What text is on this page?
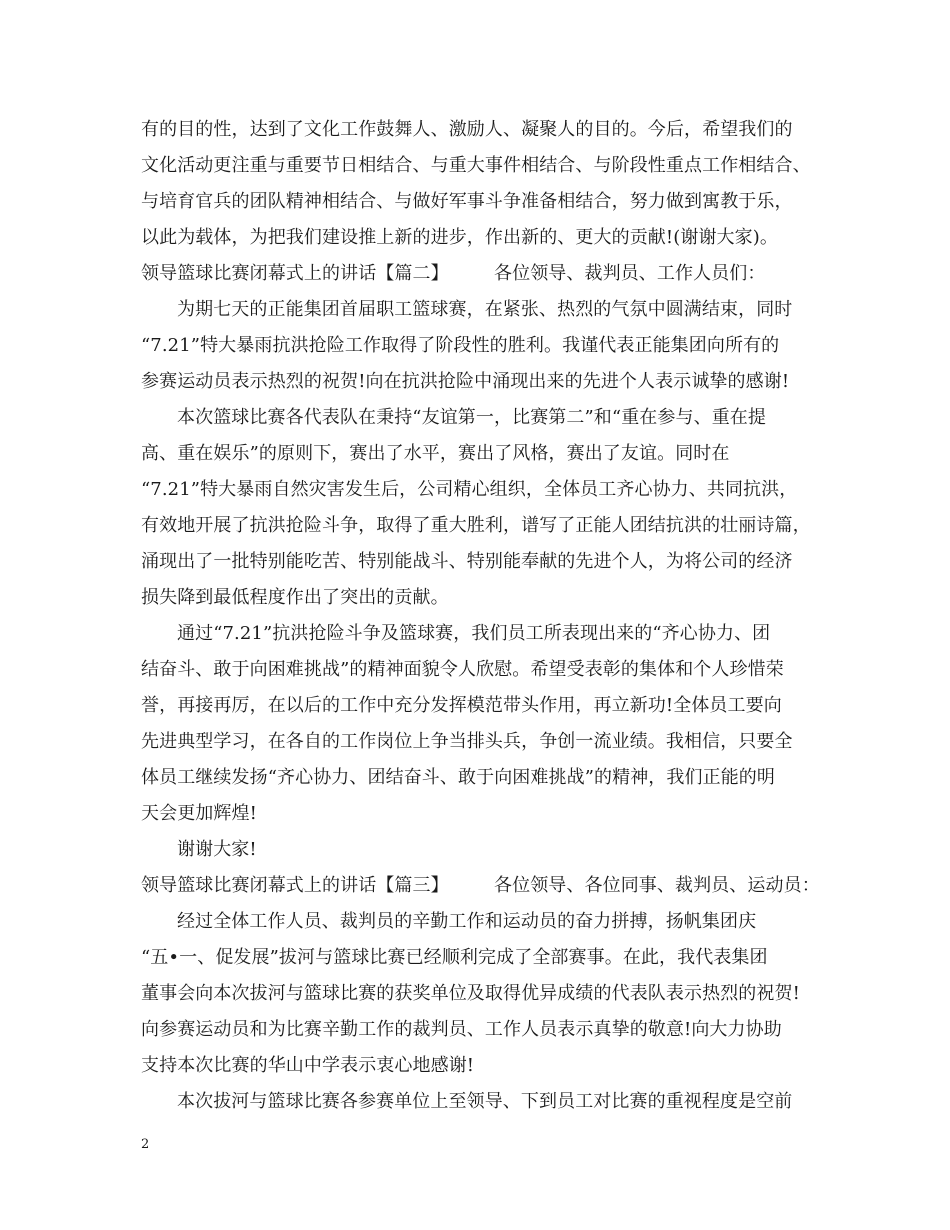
有的目的性，达到了文化工作鼓舞人、激励人、凝聚人的目的。今后，希望我们的
文化活动更注重与重要节日相结合、与重大事件相结合、与阶段性重点工作相结合、
与培育官兵的团队精神相结合、与做好军事斗争准备相结合，努力做到寓教于乐，
以此为载体，为把我们建设推上新的进步，作出新的、更大的贡献!(谢谢大家)。
领导篮球比赛闭幕式上的讲话【篇二】　　　各位领导、裁判员、工作人员们：
为期七天的正能集团首届职工篮球赛，在紧张、热烈的气氛中圆满结束，同时
“7.21”特大暴雨抗洪抢险工作取得了阶段性的胜利。我谨代表正能集团向所有的
参赛运动员表示热烈的祝贺!向在抗洪抢险中涌现出来的先进个人表示诚挚的感谢!
本次篮球比赛各代表队在秉持“友谊第一，比赛第二”和“重在参与、重在提
高、重在娱乐”的原则下，赛出了水平，赛出了风格，赛出了友谊。同时在
“7.21”特大暴雨自然灾害发生后，公司精心组织，全体员工齐心协力、共同抗洪，
有效地开展了抗洪抢险斗争，取得了重大胜利，谱写了正能人团结抗洪的壮丽诗篇，
涌现出了一批特别能吃苦、特别能战斗、特别能奉献的先进个人，为将公司的经济
损失降到最低程度作出了突出的贡献。
通过“7.21”抗洪抢险斗争及篮球赛，我们员工所表现出来的“齐心协力、团
结奋斗、敢于向困难挑战”的精神面貌令人欣慰。希望受表彰的集体和个人珍惜荣
誉，再接再厉，在以后的工作中充分发挥模范带头作用，再立新功!全体员工要向
先进典型学习，在各自的工作岗位上争当排头兵，争创一流业绩。我相信，只要全
体员工继续发扬“齐心协力、团结奋斗、敢于向困难挑战”的精神，我们正能的明
天会更加辉煌!
谢谢大家!
领导篮球比赛闭幕式上的讲话【篇三】　　　各位领导、各位同事、裁判员、运动员：
经过全体工作人员、裁判员的辛勤工作和运动员的奋力拼搏，扬帆集团庆
“五•一、促发展”拔河与篮球比赛已经顺利完成了全部赛事。在此，我代表集团
董事会向本次拔河与篮球比赛的获奖单位及取得优异成绩的代表队表示热烈的祝贺!
向参赛运动员和为比赛辛勤工作的裁判员、工作人员表示真挚的敬意!向大力协助
支持本次比赛的华山中学表示衷心地感谢!
本次拔河与篮球比赛各参赛单位上至领导、下到员工对比赛的重视程度是空前
2
